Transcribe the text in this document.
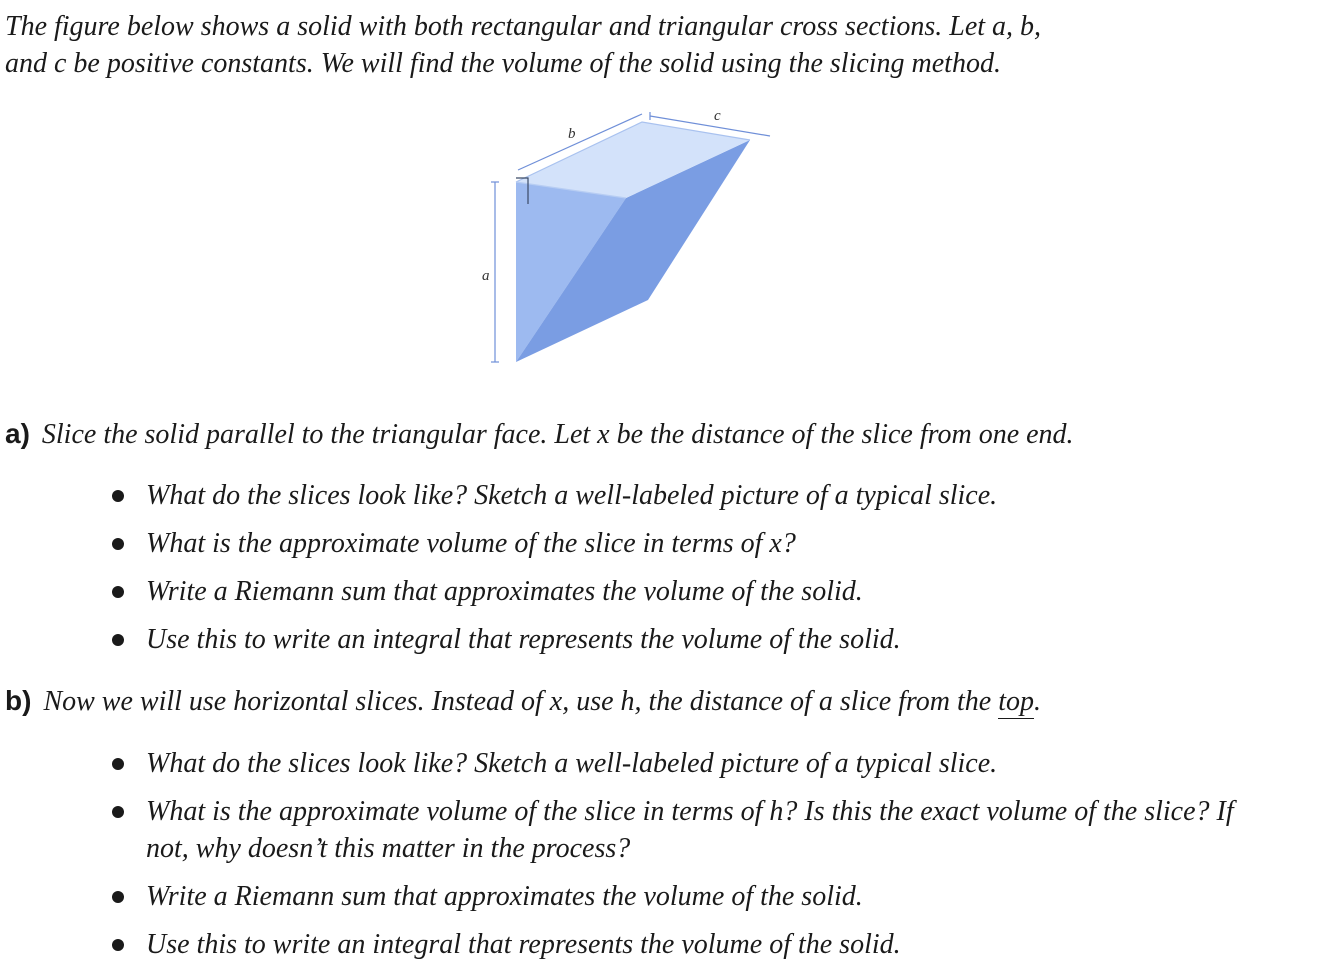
The figure below shows a solid with both rectangular and triangular cross sections. Let a, b,
and c be positive constants. We will find the volume of the solid using the slicing method.
a
b
c
a) Slice the solid parallel to the triangular face. Let x be the distance of the slice from one end.
What do the slices look like? Sketch a well-labeled picture of a typical slice.
What is the approximate volume of the slice in terms of x?
Write a Riemann sum that approximates the volume of the solid.
Use this to write an integral that represents the volume of the solid.
b) Now we will use horizontal slices. Instead of x, use h, the distance of a slice from the top.
What do the slices look like? Sketch a well-labeled picture of a typical slice.
What is the approximate volume of the slice in terms of h? Is this the exact volume of the slice? If not, why doesn’t this matter in the process?
Write a Riemann sum that approximates the volume of the solid.
Use this to write an integral that represents the volume of the solid.
